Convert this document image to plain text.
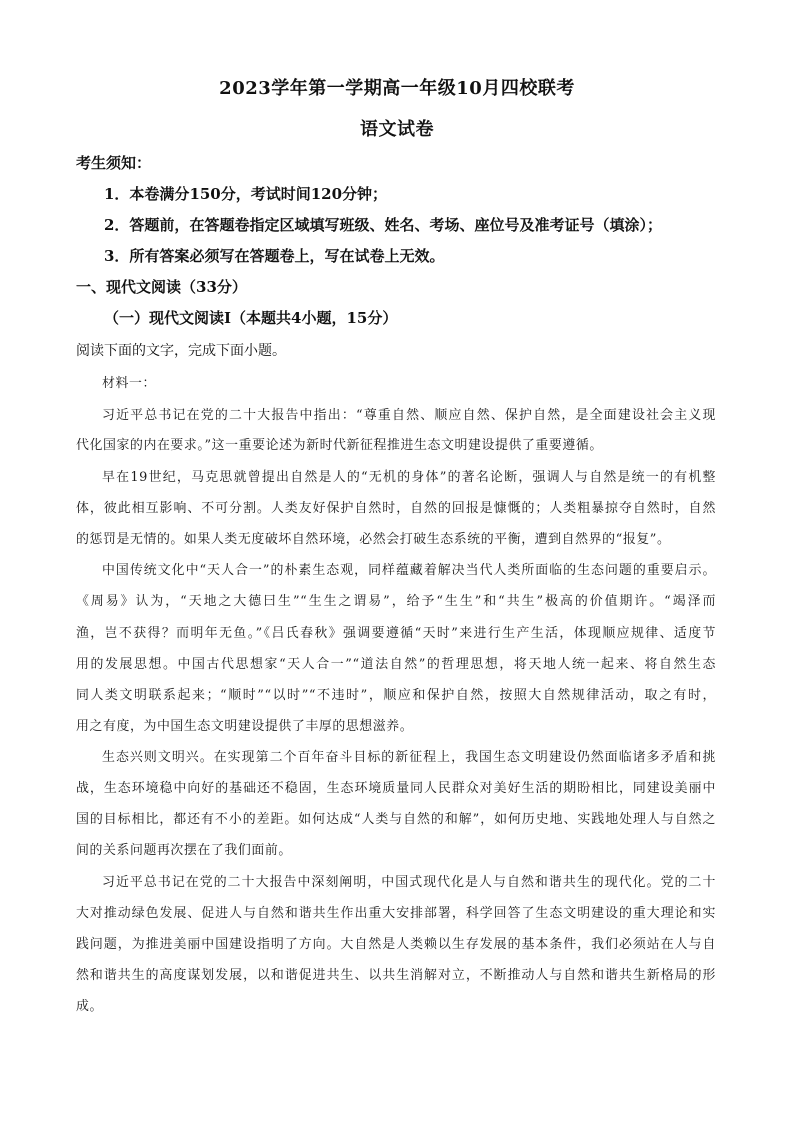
2023学年第一学期高一年级10月四校联考
语文试卷
考生须知：
1．本卷满分150分，考试时间120分钟；
2．答题前，在答题卷指定区域填写班级、姓名、考场、座位号及准考证号（填涂）；
3．所有答案必须写在答题卷上，写在试卷上无效。
一、现代文阅读（33分）
（一）现代文阅读I（本题共4小题，15分）
阅读下面的文字，完成下面小题。
材料一：
习近平总书记在党的二十大报告中指出：“尊重自然、顺应自然、保护自然，是全面建设社会主义现
代化国家的内在要求。”这一重要论述为新时代新征程推进生态文明建设提供了重要遵循。
早在19世纪，马克思就曾提出自然是人的“无机的身体”的著名论断，强调人与自然是统一的有机整
体，彼此相互影响、不可分割。人类友好保护自然时，自然的回报是慷慨的；人类粗暴掠夺自然时，自然
的惩罚是无情的。如果人类无度破坏自然环境，必然会打破生态系统的平衡，遭到自然界的“报复”。
中国传统文化中“天人合一”的朴素生态观，同样蕴藏着解决当代人类所面临的生态问题的重要启示。
《周易》认为，“天地之大德曰生”“生生之谓易”，给予“生生”和“共生”极高的价值期许。“竭泽而
渔，岂不获得？而明年无鱼。”《吕氏春秋》强调要遵循“天时”来进行生产生活，体现顺应规律、适度节
用的发展思想。中国古代思想家“天人合一”“道法自然”的哲理思想，将天地人统一起来、将自然生态
同人类文明联系起来；“顺时”“以时”“不违时”，顺应和保护自然，按照大自然规律活动，取之有时，
用之有度，为中国生态文明建设提供了丰厚的思想滋养。
生态兴则文明兴。在实现第二个百年奋斗目标的新征程上，我国生态文明建设仍然面临诸多矛盾和挑
战，生态环境稳中向好的基础还不稳固，生态环境质量同人民群众对美好生活的期盼相比，同建设美丽中
国的目标相比，都还有不小的差距。如何达成“人类与自然的和解”，如何历史地、实践地处理人与自然之
间的关系问题再次摆在了我们面前。
习近平总书记在党的二十大报告中深刻阐明，中国式现代化是人与自然和谐共生的现代化。党的二十
大对推动绿色发展、促进人与自然和谐共生作出重大安排部署，科学回答了生态文明建设的重大理论和实
践问题，为推进美丽中国建设指明了方向。大自然是人类赖以生存发展的基本条件，我们必须站在人与自
然和谐共生的高度谋划发展，以和谐促进共生、以共生消解对立，不断推动人与自然和谐共生新格局的形
成。
